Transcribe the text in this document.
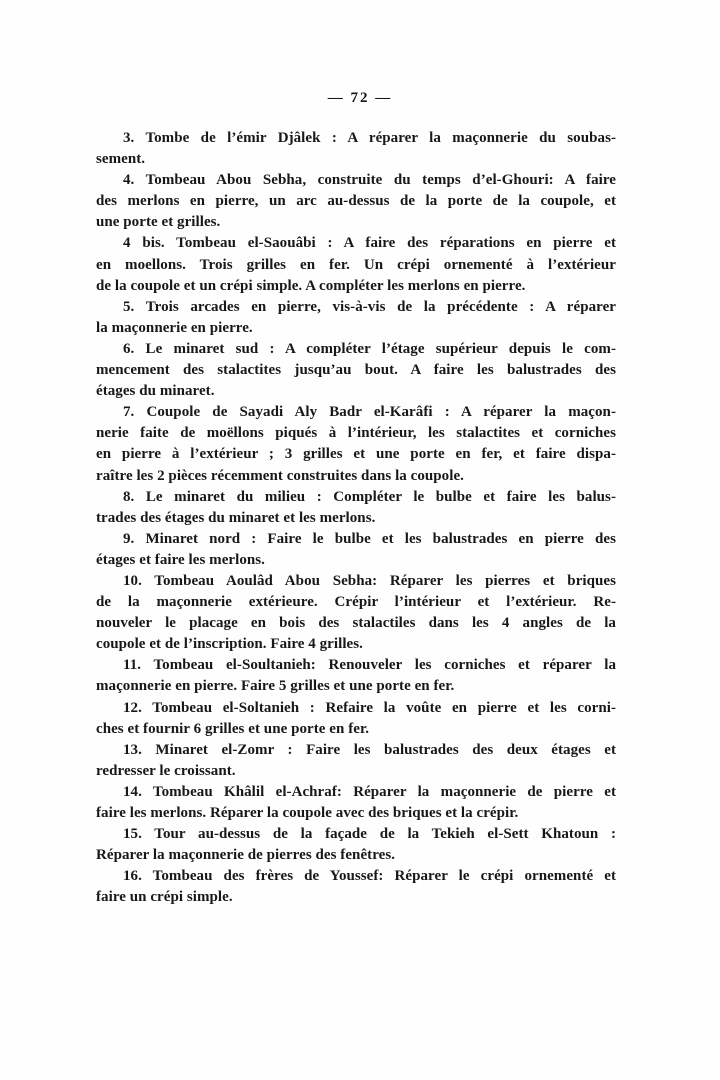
— 72 —
3. Tombe de l’émir Djâlek : A réparer la maçonnerie du soubas-
sement.
4. Tombeau Abou Sebha, construite du temps d’el-Ghouri: A faire
des merlons en pierre, un arc au-dessus de la porte de la coupole, et
une porte et grilles.
4 bis. Tombeau el-Saouâbi : A faire des réparations en pierre et
en moellons. Trois grilles en fer. Un crépi ornementé à l’extérieur
de la coupole et un crépi simple. A compléter les merlons en pierre.
5. Trois arcades en pierre, vis-à-vis de la précédente : A réparer
la maçonnerie en pierre.
6. Le minaret sud : A compléter l’étage supérieur depuis le com-
mencement des stalactites jusqu’au bout. A faire les balustrades des
étages du minaret.
7. Coupole de Sayadi Aly Badr el-Karâfi : A réparer la maçon-
nerie faite de moëllons piqués à l’intérieur, les stalactites et corniches
en pierre à l’extérieur ; 3 grilles et une porte en fer, et faire dispa-
raître les 2 pièces récemment construites dans la coupole.
8. Le minaret du milieu : Compléter le bulbe et faire les balus-
trades des étages du minaret et les merlons.
9. Minaret nord : Faire le bulbe et les balustrades en pierre des
étages et faire les merlons.
10. Tombeau Aoulâd Abou Sebha: Réparer les pierres et briques
de la maçonnerie extérieure. Crépir l’intérieur et l’extérieur. Re-
nouveler le placage en bois des stalactiles dans les 4 angles de la
coupole et de l’inscription. Faire 4 grilles.
11. Tombeau el-Soultanieh: Renouveler les corniches et réparer la
maçonnerie en pierre. Faire 5 grilles et une porte en fer.
12. Tombeau el-Soltanieh : Refaire la voûte en pierre et les corni-
ches et fournir 6 grilles et une porte en fer.
13. Minaret el-Zomr : Faire les balustrades des deux étages et
redresser le croissant.
14. Tombeau Khâlil el-Achraf: Réparer la maçonnerie de pierre et
faire les merlons. Réparer la coupole avec des briques et la crépir.
15. Tour au-dessus de la façade de la Tekieh el-Sett Khatoun :
Réparer la maçonnerie de pierres des fenêtres.
16. Tombeau des frères de Youssef: Réparer le crépi ornementé et
faire un crépi simple.
